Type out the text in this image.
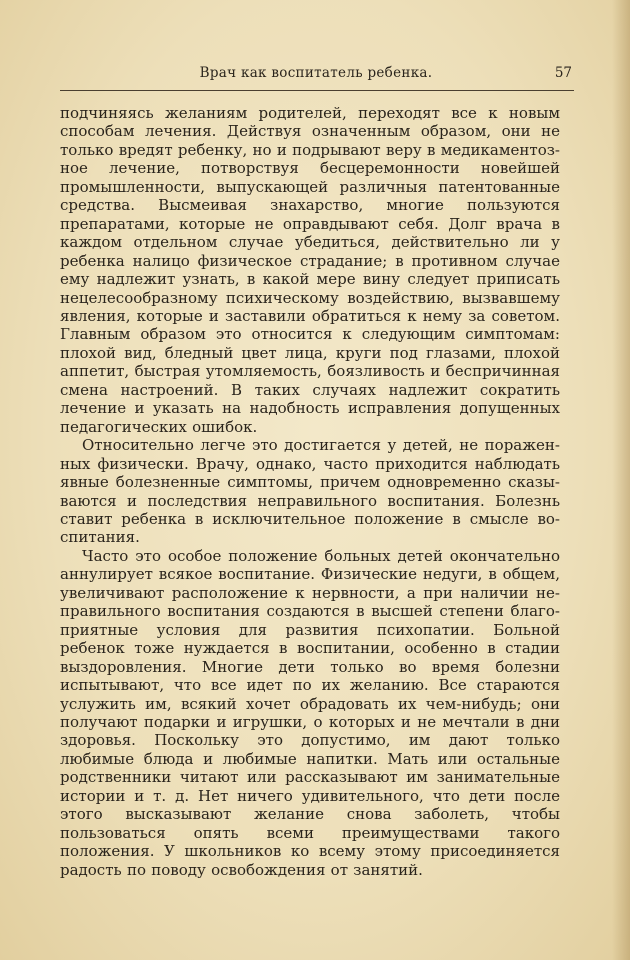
Врач как воспитатель ребенка.	57

подчиняясь желаниям родителей, переходят все к новым способам лечения. Действуя означенным образом, они не только вредят ребенку, но и подрывают веру в медикаментозное лечение, потворствуя бесцеремонности новейшей промышленности, выпускающей различныя патентованные средства. Высмеивая знахарство, многие пользуются препаратами, которые не оправдывают себя. Долг врача в каждом отдельном случае убедиться, действительно ли у ребенка налицо физическое страдание; в противном случае ему надлежит узнать, в какой мере вину следует приписать нецелесообразному психическому воздействию, вызвавшему явления, которые и заставили обратиться к нему за советом. Главным образом это относится к следующим симптомам: плохой вид, бледный цвет лица, круги под глазами, плохой аппетит, быстрая утомляемость, боязливость и беспричинная смена настроений. В таких случаях надлежит сократить лечение и указать на надобность исправления допущенных педагогических ошибок.

Относительно легче это достигается у детей, не пораженных физически. Врачу, однако, часто приходится наблюдать явные болезненные симптомы, причем одновременно сказываются и последствия неправильного воспитания. Болезнь ставит ребенка в исключительное положение в смысле воспитания.

Часто это особое положение больных детей окончательно аннулирует всякое воспитание. Физические недуги, в общем, увеличивают расположение к нервности, а при наличии неправильного воспитания создаются в высшей степени благоприятные условия для развития психопатии. Больной ребенок тоже нуждается в воспитании, особенно в стадии выздоровления. Многие дети только во время болезни испытывают, что все идет по их желанию. Все стараются услужить им, всякий хочет обрадовать их чем-нибудь; они получают подарки и игрушки, о которых и не мечтали в дни здоровья. Поскольку это допустимо, им дают только любимые блюда и любимые напитки. Мать или остальные родственники читают или рассказывают им занимательные истории и т. д. Нет ничего удивительного, что дети после этого высказывают желание снова заболеть, чтобы пользоваться опять всеми преимуществами такого положения. У школьников ко всему этому присоединяется радость по поводу освобождения от занятий.
